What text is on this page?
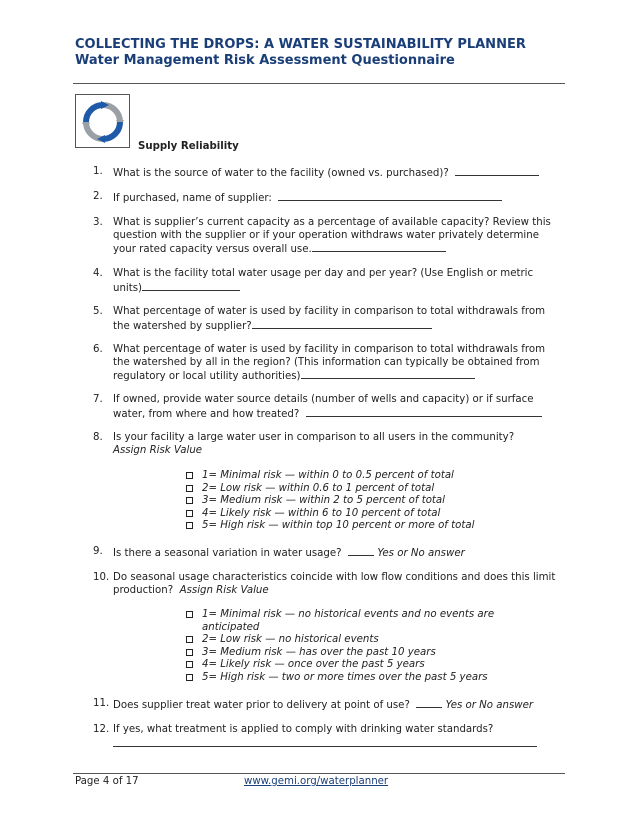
COLLECTING THE DROPS: A WATER SUSTAINABILITY PLANNER
Water Management Risk Assessment Questionnaire
Supply Reliability
1. What is the source of water to the facility (owned vs. purchased)?
2. If purchased, name of supplier:
3. What is supplier’s current capacity as a percentage of available capacity? Review this question with the supplier or if your operation withdraws water privately determine your rated capacity versus overall use.
4. What is the facility total water usage per day and per year? (Use English or metric units)
5. What percentage of water is used by facility in comparison to total withdrawals from the watershed by supplier?
6. What percentage of water is used by facility in comparison to total withdrawals from the watershed by all in the region? (This information can typically be obtained from regulatory or local utility authorities)
7. If owned, provide water source details (number of wells and capacity) or if surface water, from where and how treated?
8. Is your facility a large water user in comparison to all users in the community?
Assign Risk Value
1= Minimal risk — within 0 to 0.5 percent of total
2= Low risk — within 0.6 to 1 percent of total
3= Medium risk — within 2 to 5 percent of total
4= Likely risk — within 6 to 10 percent of total
5= High risk — within top 10 percent or more of total
9. Is there a seasonal variation in water usage?	Yes or No answer
10. Do seasonal usage characteristics coincide with low flow conditions and does this limit production? Assign Risk Value
1= Minimal risk — no historical events and no events are anticipated
2= Low risk — no historical events
3= Medium risk — has over the past 10 years
4= Likely risk — once over the past 5 years
5= High risk — two or more times over the past 5 years
11. Does supplier treat water prior to delivery at point of use?	Yes or No answer
12. If yes, what treatment is applied to comply with drinking water standards?
Page 4 of 17	www.gemi.org/waterplanner
